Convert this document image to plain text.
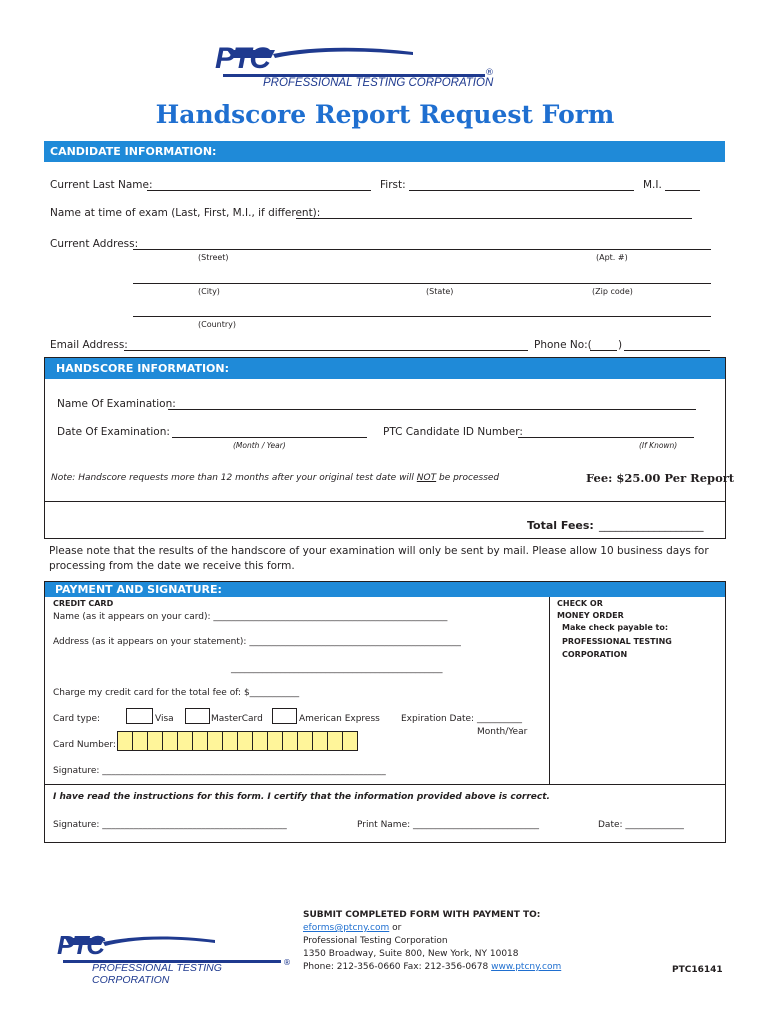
PTC
PROFESSIONAL TESTING CORPORATION
®
Handscore Report Request Form
CANDIDATE INFORMATION:
Current Last Name:	First:	M.I.
Name at time of exam (Last, First, M.I., if different):
Current Address:
(Street)	(Apt. #)
(City)	(State)	(Zip code)
(Country)
Email Address:	Phone No:( )
HANDSCORE INFORMATION:
Name Of Examination:
Date Of Examination:
(Month / Year)
PTC Candidate ID Number:
(If Known)
Note: Handscore requests more than 12 months after your original test date will NOT be processed	Fee: $25.00 Per Report
Total Fees: ___________________
Please note that the results of the handscore of your examination will only be sent by mail. Please allow 10 business days for processing from the date we receive this form.
PAYMENT AND SIGNATURE:
CREDIT CARD
Name (as it appears on your card): ____________________________________________________
Address (as it appears on your statement): _______________________________________________
_______________________________________________
Charge my credit card for the total fee of: $___________
Card type:	Visa	MasterCard	American Express Expiration Date: __________
Month/Year
Card Number:
Signature: _______________________________________________________________
CHECK OR
MONEY ORDER
Make check payable to:
PROFESSIONAL TESTING
CORPORATION
I have read the instructions for this form. I certify that the information provided above is correct.
Signature: _________________________________________	Print Name: ____________________________	Date: _____________
PTC
PROFESSIONAL TESTING CORPORATION
®
SUBMIT COMPLETED FORM WITH PAYMENT TO:
eforms@ptcny.com or
Professional Testing Corporation
1350 Broadway, Suite 800, New York, NY 10018
Phone: 212-356-0660 Fax: 212-356-0678 www.ptcny.com	PTC16141
